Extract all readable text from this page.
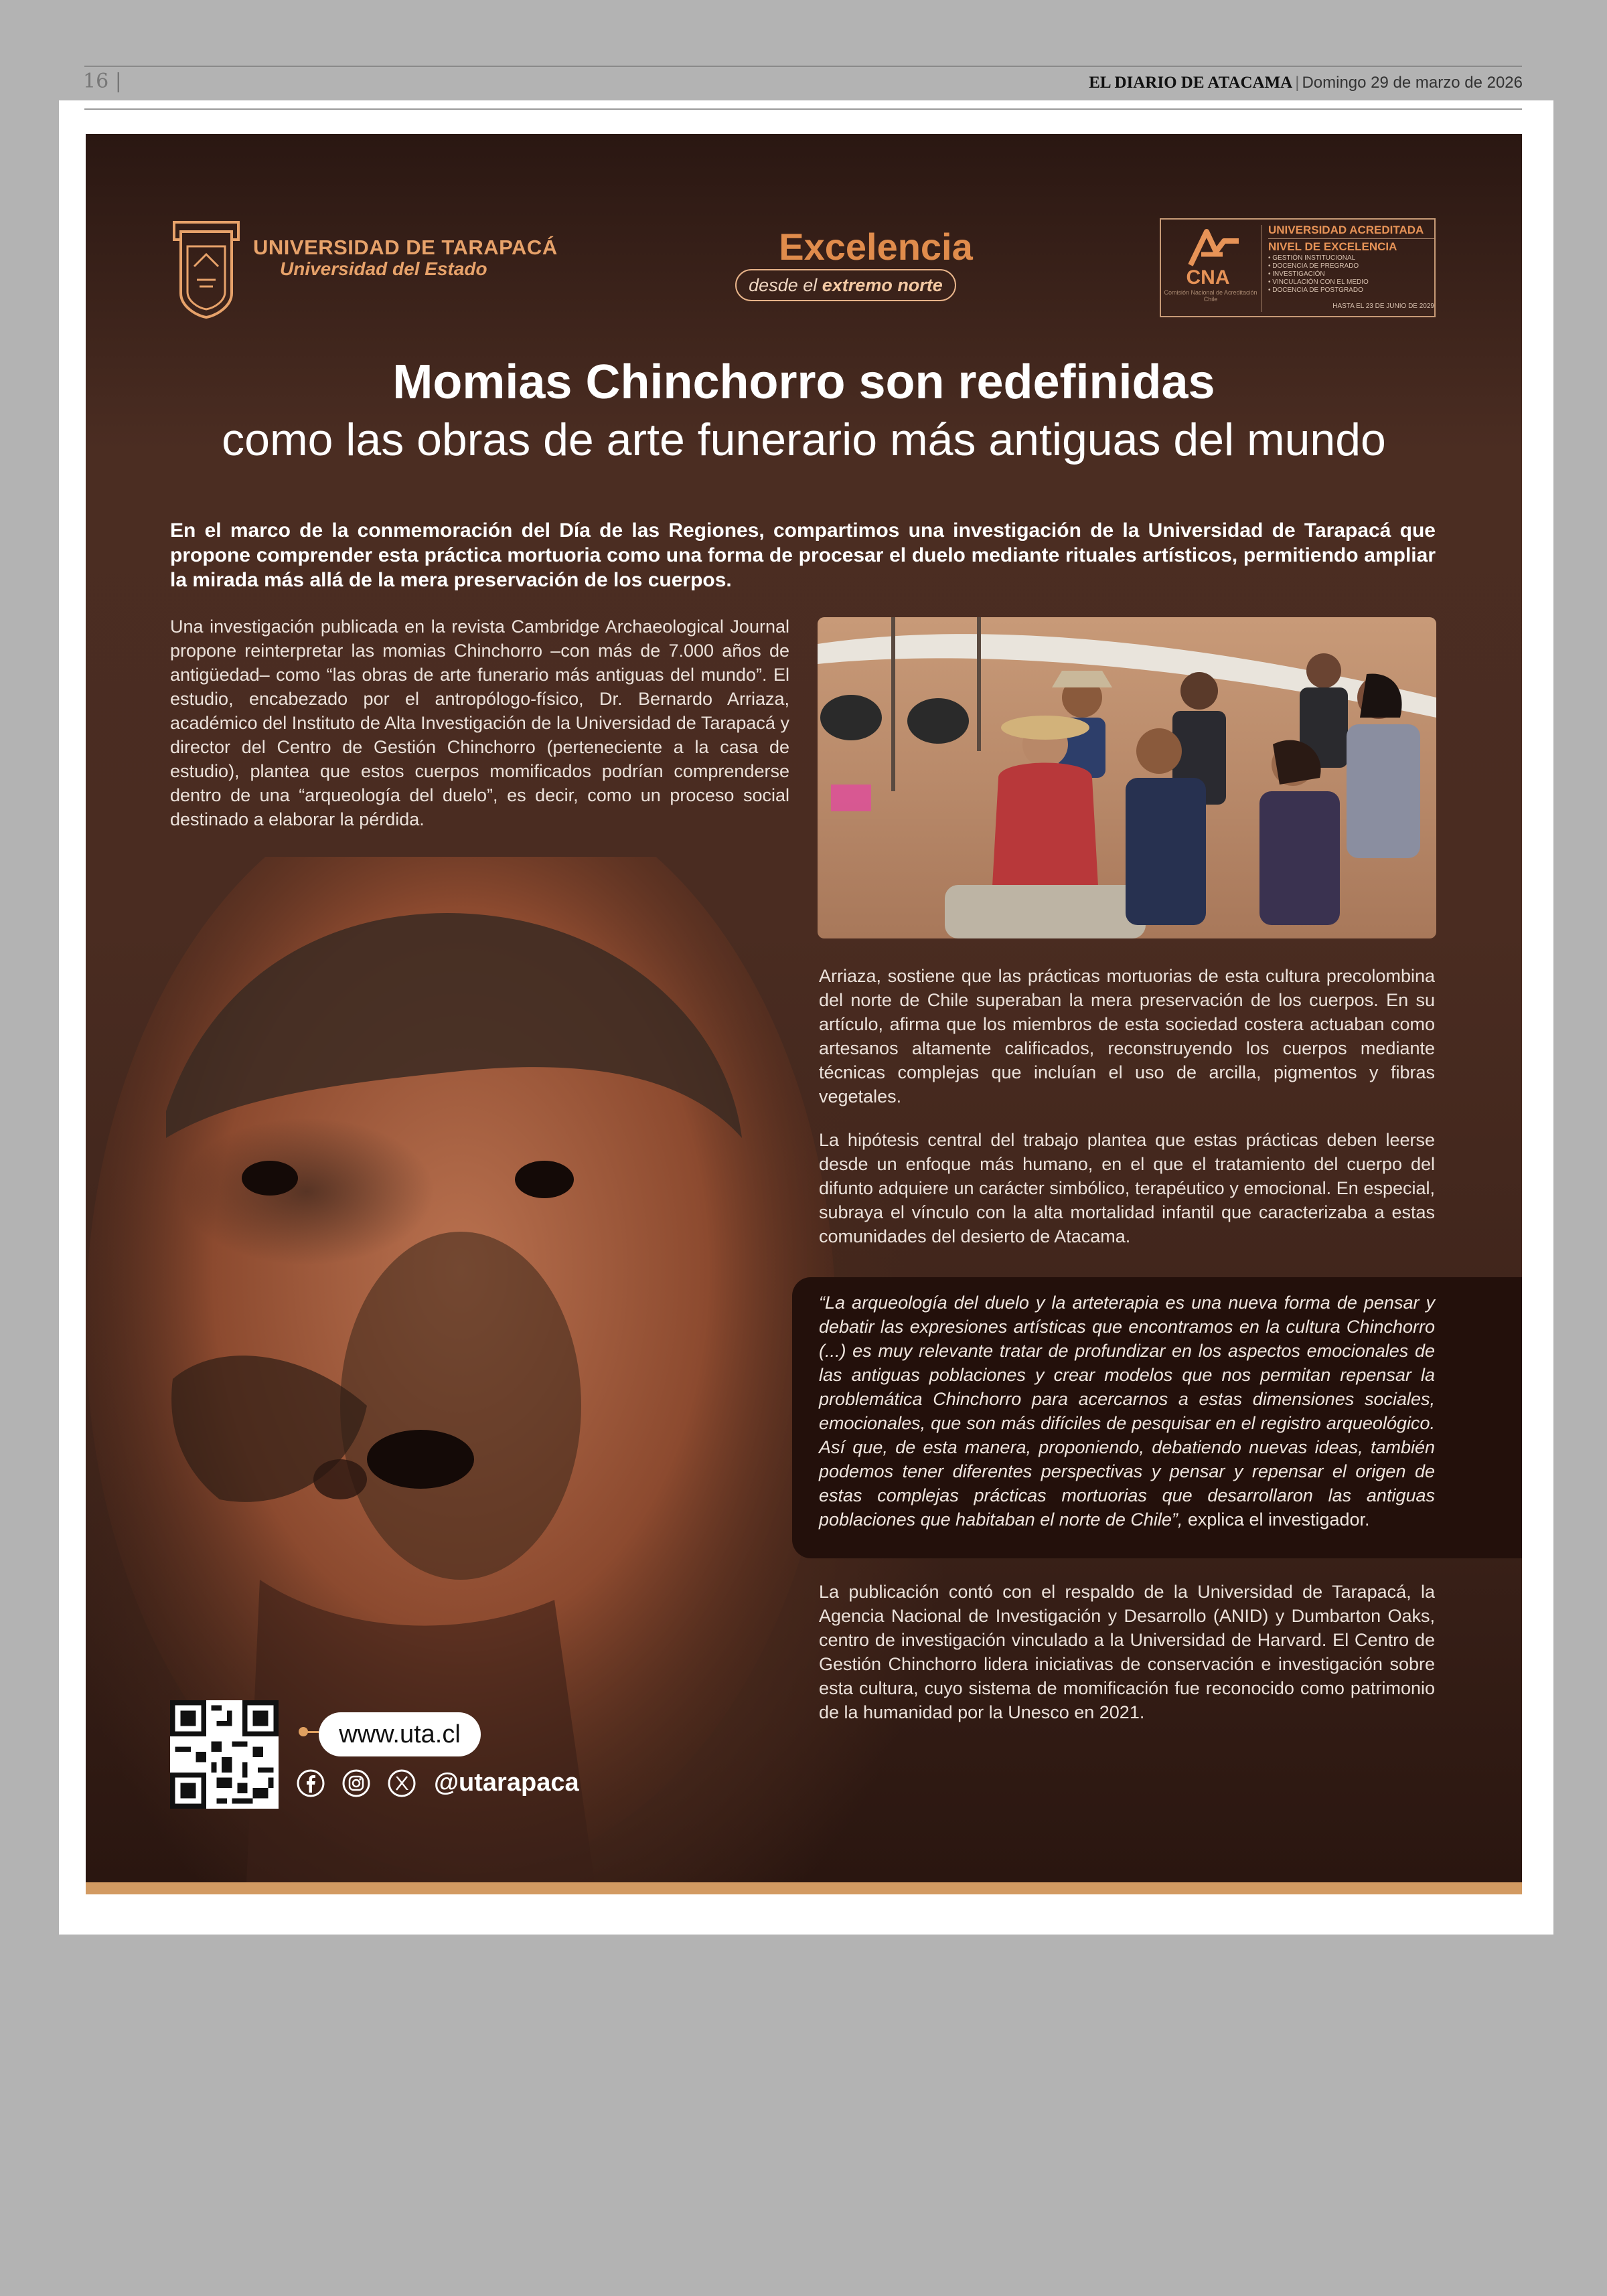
16 |	EL DIARIO DE ATACAMA | Domingo 29 de marzo de 2026
UNIVERSIDAD DE TARAPACÁ
Universidad del Estado
Excelencia
desde el extremo norte	CNA
Comisión Nacional de Acreditación Chile
UNIVERSIDAD ACREDITADA
NIVEL DE EXCELENCIA
• GESTIÓN INSTITUCIONAL
• DOCENCIA DE PREGRADO
• INVESTIGACIÓN
• VINCULACIÓN CON EL MEDIO
• DOCENCIA DE POSTGRADO
HASTA EL 23 DE JUNIO DE 2029
Momias Chinchorro son redefinidas
como las obras de arte funerario más antiguas del mundo
En el marco de la conmemoración del Día de las Regiones, compartimos una investigación de la Universidad de Tarapacá que propone comprender esta práctica mortuoria como una forma de procesar el duelo mediante rituales artísticos, permitiendo ampliar la mirada más allá de la mera preservación de los cuerpos.
Una investigación publicada en la revista Cambridge Archaeological Journal propone reinterpretar las momias Chinchorro –con más de 7.000 años de antigüedad– como “las obras de arte funerario más antiguas del mundo”. El estudio, encabezado por el antropólogo-físico, Dr. Bernardo Arriaza, académico del Instituto de Alta Investigación de la Universidad de Tarapacá y director del Centro de Gestión Chinchorro (perteneciente a la casa de estudio), plantea que estos cuerpos momificados podrían comprenderse dentro de una “arqueología del duelo”, es decir, como un proceso social destinado a elaborar la pérdida.
Arriaza, sostiene que las prácticas mortuorias de esta cultura precolombina del norte de Chile superaban la mera preservación de los cuerpos. En su artículo, afirma que los miembros de esta sociedad costera actuaban como artesanos altamente calificados, reconstruyendo los cuerpos mediante técnicas complejas que incluían el uso de arcilla, pigmentos y fibras vegetales.
La hipótesis central del trabajo plantea que estas prácticas deben leerse desde un enfoque más humano, en el que el tratamiento del cuerpo del difunto adquiere un carácter simbólico, terapéutico y emocional. En especial, subraya el vínculo con la alta mortalidad infantil que caracterizaba a estas comunidades del desierto de Atacama.
“La arqueología del duelo y la arteterapia es una nueva forma de pensar y debatir las expresiones artísticas que encontramos en la cultura Chinchorro (...) es muy relevante tratar de profundizar en los aspectos emocionales de las antiguas poblaciones y crear modelos que nos permitan repensar la problemática Chinchorro para acercarnos a estas dimensiones sociales, emocionales, que son más difíciles de pesquisar en el registro arqueológico. Así que, de esta manera, proponiendo, debatiendo nuevas ideas, también podemos tener diferentes perspectivas y pensar y repensar el origen de estas complejas prácticas mortuorias que desarrollaron las antiguas poblaciones que habitaban el norte de Chile”, explica el investigador.
La publicación contó con el respaldo de la Universidad de Tarapacá, la Agencia Nacional de Investigación y Desarrollo (ANID) y Dumbarton Oaks, centro de investigación vinculado a la Universidad de Harvard. El Centro de Gestión Chinchorro lidera iniciativas de conservación e investigación sobre esta cultura, cuyo sistema de momificación fue reconocido como patrimonio de la humanidad por la Unesco en 2021.
www.uta.cl
@utarapaca
